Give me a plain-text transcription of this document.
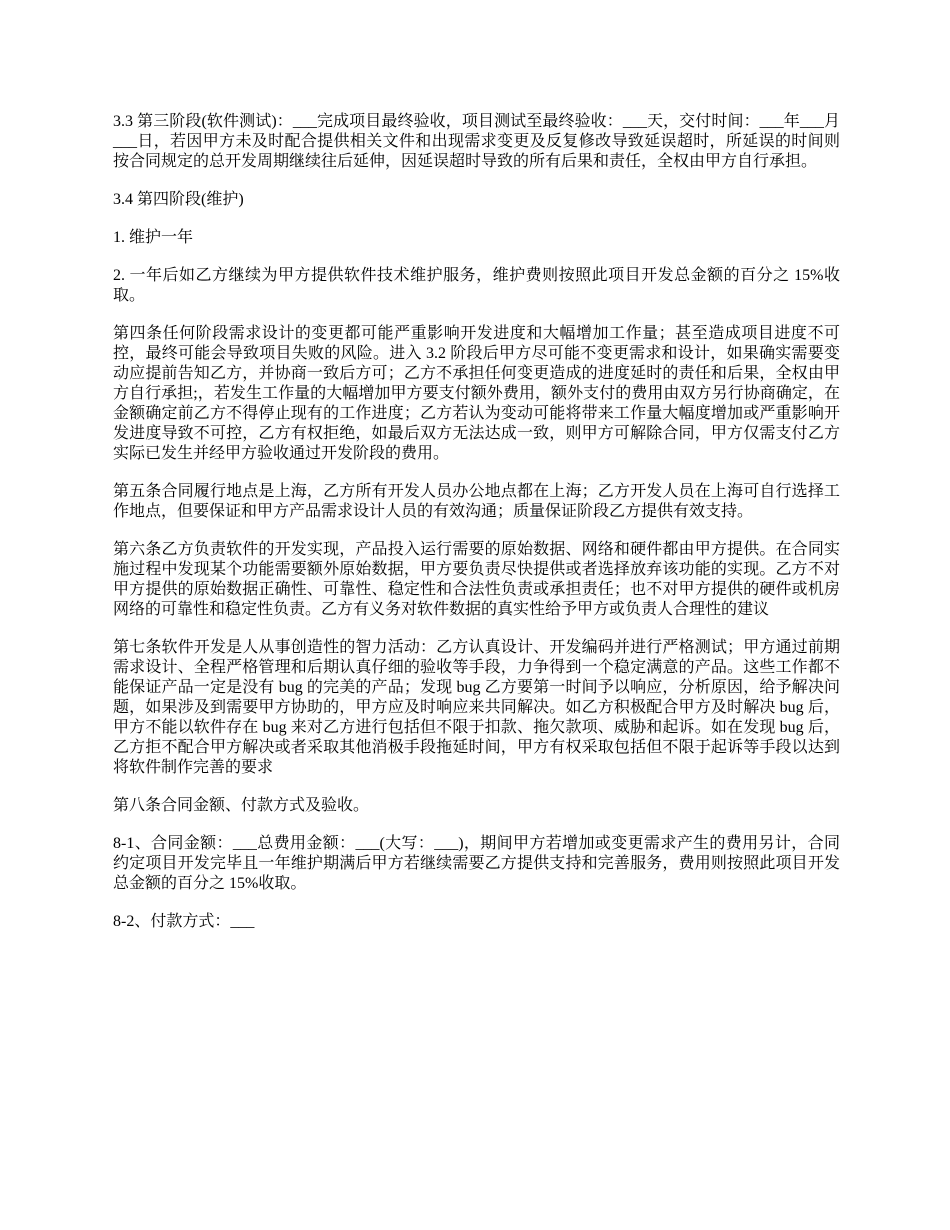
3.3 第三阶段(软件测试)：___完成项目最终验收，项目测试至最终验收：___天，交付时间：___年___月___日，若因甲方未及时配合提供相关文件和出现需求变更及反复修改导致延误超时，所延误的时间则按合同规定的总开发周期继续往后延伸，因延误超时导致的所有后果和责任，全权由甲方自行承担。

3.4 第四阶段(维护)

1. 维护一年

2. 一年后如乙方继续为甲方提供软件技术维护服务，维护费则按照此项目开发总金额的百分之 15%收取。

第四条任何阶段需求设计的变更都可能严重影响开发进度和大幅增加工作量；甚至造成项目进度不可控，最终可能会导致项目失败的风险。进入 3.2 阶段后甲方尽可能不变更需求和设计，如果确实需要变动应提前告知乙方，并协商一致后方可；乙方不承担任何变更造成的进度延时的责任和后果，全权由甲方自行承担;，若发生工作量的大幅增加甲方要支付额外费用，额外支付的费用由双方另行协商确定，在金额确定前乙方不得停止现有的工作进度；乙方若认为变动可能将带来工作量大幅度增加或严重影响开发进度导致不可控，乙方有权拒绝，如最后双方无法达成一致，则甲方可解除合同，甲方仅需支付乙方实际已发生并经甲方验收通过开发阶段的费用。

第五条合同履行地点是上海，乙方所有开发人员办公地点都在上海；乙方开发人员在上海可自行选择工作地点，但要保证和甲方产品需求设计人员的有效沟通；质量保证阶段乙方提供有效支持。

第六条乙方负责软件的开发实现，产品投入运行需要的原始数据、网络和硬件都由甲方提供。在合同实施过程中发现某个功能需要额外原始数据，甲方要负责尽快提供或者选择放弃该功能的实现。乙方不对甲方提供的原始数据正确性、可靠性、稳定性和合法性负责或承担责任；也不对甲方提供的硬件或机房网络的可靠性和稳定性负责。乙方有义务对软件数据的真实性给予甲方或负责人合理性的建议

第七条软件开发是人从事创造性的智力活动：乙方认真设计、开发编码并进行严格测试；甲方通过前期需求设计、全程严格管理和后期认真仔细的验收等手段，力争得到一个稳定满意的产品。这些工作都不能保证产品一定是没有 bug 的完美的产品；发现 bug 乙方要第一时间予以响应，分析原因，给予解决问题，如果涉及到需要甲方协助的，甲方应及时响应来共同解决。如乙方积极配合甲方及时解决 bug 后，甲方不能以软件存在 bug 来对乙方进行包括但不限于扣款、拖欠款项、威胁和起诉。如在发现 bug 后，乙方拒不配合甲方解决或者采取其他消极手段拖延时间，甲方有权采取包括但不限于起诉等手段以达到将软件制作完善的要求

第八条合同金额、付款方式及验收。

8-1、合同金额：___总费用金额：___(大写：___)，期间甲方若增加或变更需求产生的费用另计，合同约定项目开发完毕且一年维护期满后甲方若继续需要乙方提供支持和完善服务，费用则按照此项目开发总金额的百分之 15%收取。

8-2、付款方式：___
